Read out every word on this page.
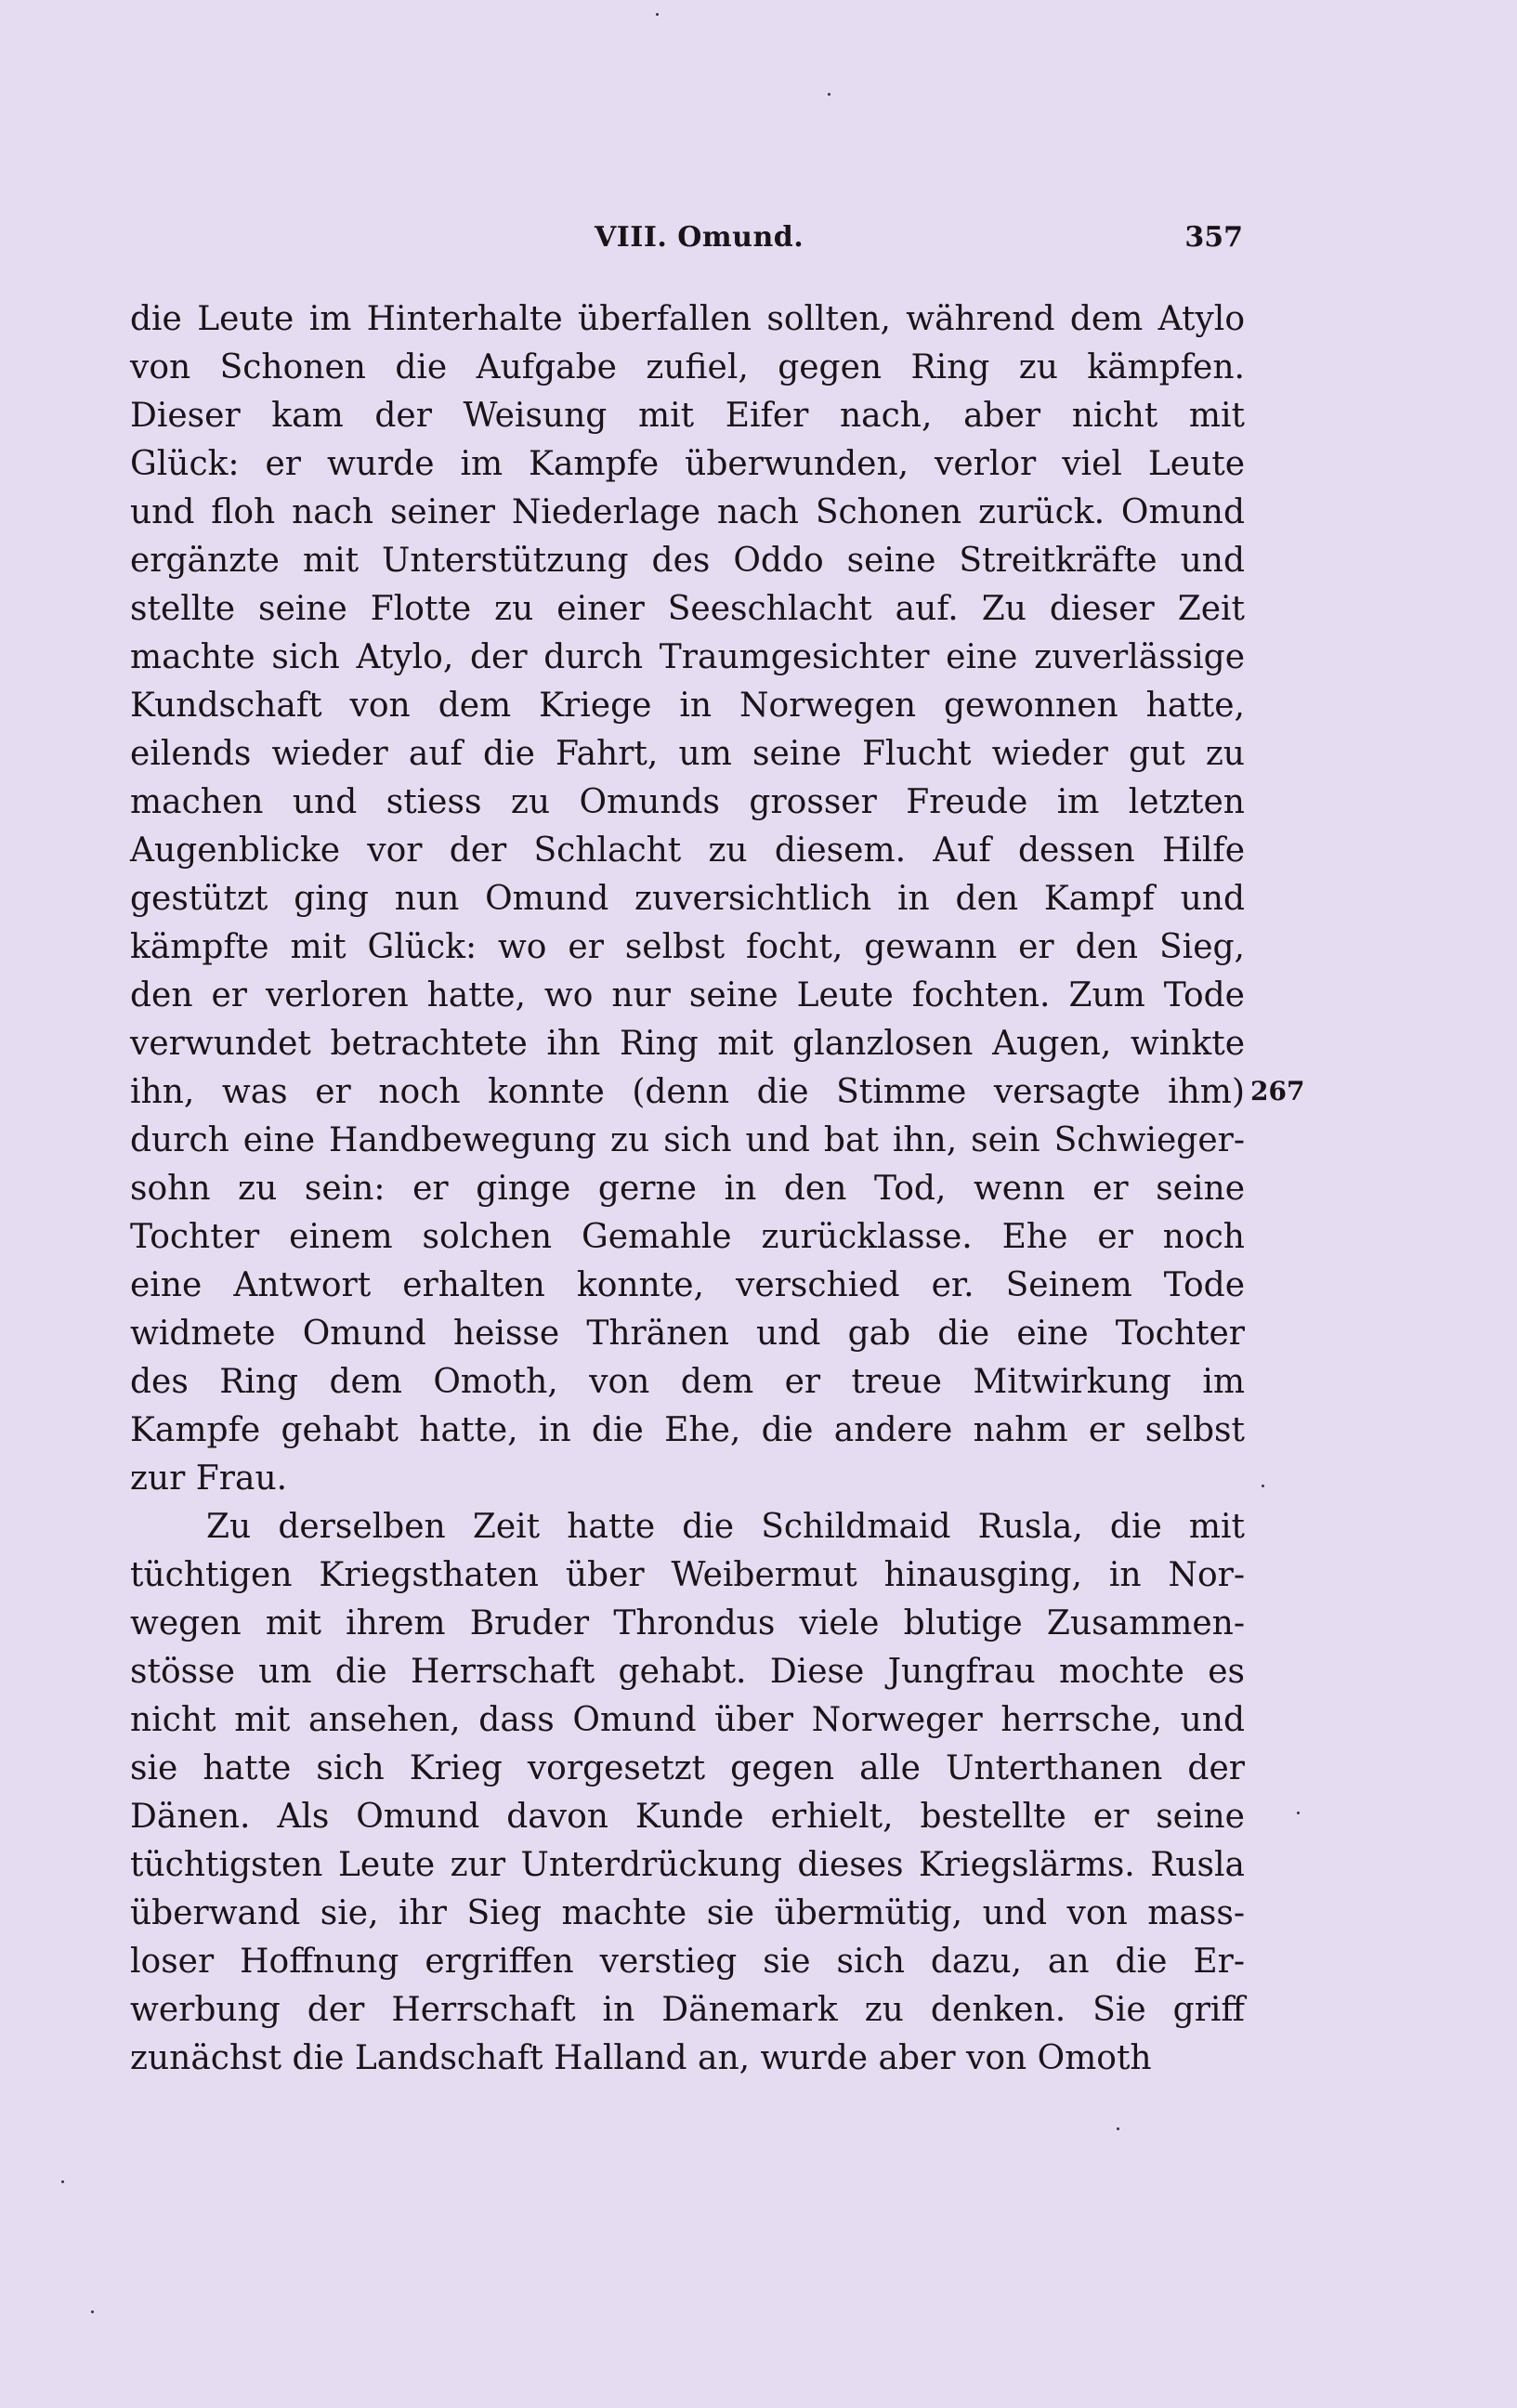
VIII. Omund.	357
die Leute im Hinterhalte überfallen sollten, während dem Atylo
von Schonen die Aufgabe zufiel, gegen Ring zu kämpfen.
Dieser kam der Weisung mit Eifer nach, aber nicht mit
Glück: er wurde im Kampfe überwunden, verlor viel Leute
und floh nach seiner Niederlage nach Schonen zurück. Omund
ergänzte mit Unterstützung des Oddo seine Streitkräfte und
stellte seine Flotte zu einer Seeschlacht auf. Zu dieser Zeit
machte sich Atylo, der durch Traumgesichter eine zuverlässige
Kundschaft von dem Kriege in Norwegen gewonnen hatte,
eilends wieder auf die Fahrt, um seine Flucht wieder gut zu
machen und stiess zu Omunds grosser Freude im letzten
Augenblicke vor der Schlacht zu diesem. Auf dessen Hilfe
gestützt ging nun Omund zuversichtlich in den Kampf und
kämpfte mit Glück: wo er selbst focht, gewann er den Sieg,
den er verloren hatte, wo nur seine Leute fochten. Zum Tode
verwundet betrachtete ihn Ring mit glanzlosen Augen, winkte
ihn, was er noch konnte (denn die Stimme versagte ihm)
durch eine Handbewegung zu sich und bat ihn, sein Schwieger-
sohn zu sein: er ginge gerne in den Tod, wenn er seine
Tochter einem solchen Gemahle zurücklasse. Ehe er noch
eine Antwort erhalten konnte, verschied er. Seinem Tode
widmete Omund heisse Thränen und gab die eine Tochter
des Ring dem Omoth, von dem er treue Mitwirkung im
Kampfe gehabt hatte, in die Ehe, die andere nahm er selbst
zur Frau.
Zu derselben Zeit hatte die Schildmaid Rusla, die mit
tüchtigen Kriegsthaten über Weibermut hinausging, in Nor-
wegen mit ihrem Bruder Throndus viele blutige Zusammen-
stösse um die Herrschaft gehabt. Diese Jungfrau mochte es
nicht mit ansehen, dass Omund über Norweger herrsche, und
sie hatte sich Krieg vorgesetzt gegen alle Unterthanen der
Dänen. Als Omund davon Kunde erhielt, bestellte er seine
tüchtigsten Leute zur Unterdrückung dieses Kriegslärms. Rusla
überwand sie, ihr Sieg machte sie übermütig, und von mass-
loser Hoffnung ergriffen verstieg sie sich dazu, an die Er-
werbung der Herrschaft in Dänemark zu denken. Sie griff
zunächst die Landschaft Halland an, wurde aber von Omoth
267
